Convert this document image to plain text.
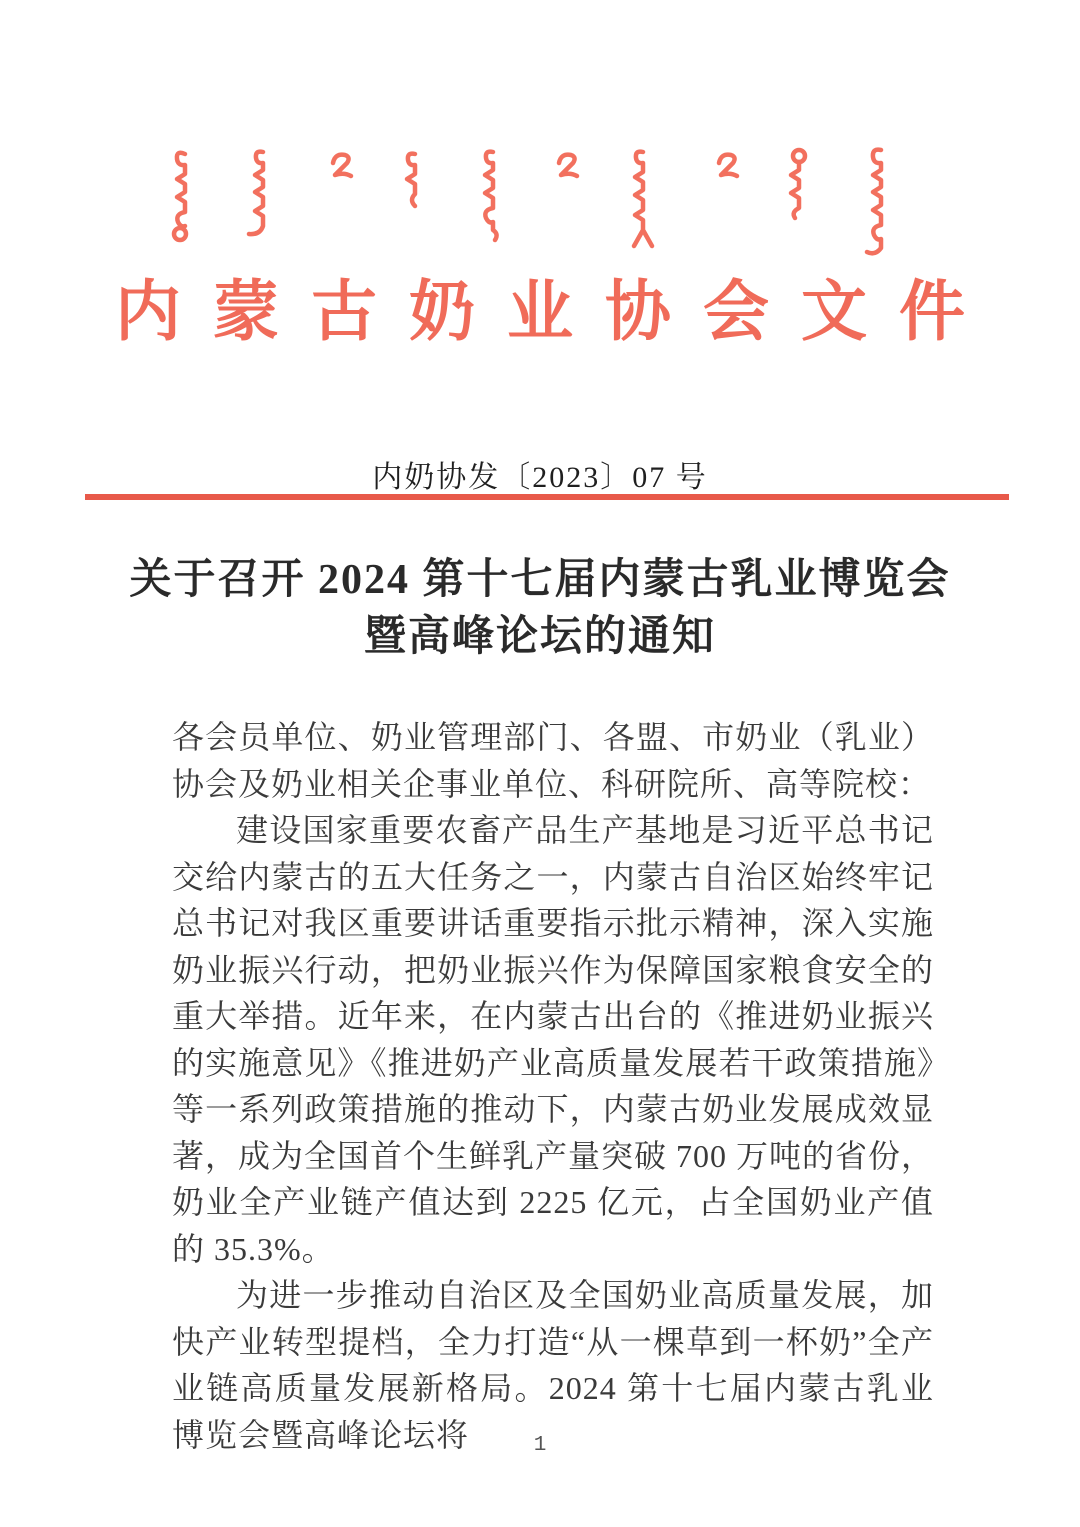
内蒙古奶业协会文件
内奶协发〔2023〕07 号
关于召开 2024 第十七届内蒙古乳业博览会
暨高峰论坛的通知

各会员单位、奶业管理部门、各盟、市奶业（乳业）协会及奶业相关企事业单位、科研院所、高等院校：

建设国家重要农畜产品生产基地是习近平总书记交给内蒙古的五大任务之一，内蒙古自治区始终牢记总书记对我区重要讲话重要指示批示精神，深入实施奶业振兴行动，把奶业振兴作为保障国家粮食安全的重大举措。近年来，在内蒙古出台的《推进奶业振兴的实施意见》《推进奶产业高质量发展若干政策措施》等一系列政策措施的推动下，内蒙古奶业发展成效显著，成为全国首个生鲜乳产量突破 700 万吨的省份，奶业全产业链产值达到 2225 亿元，占全国奶业产值的 35.3%。

为进一步推动自治区及全国奶业高质量发展，加快产业转型提档，全力打造“从一棵草到一杯奶”全产业链高质量发展新格局。2024 第十七届内蒙古乳业博览会暨高峰论坛将	1
